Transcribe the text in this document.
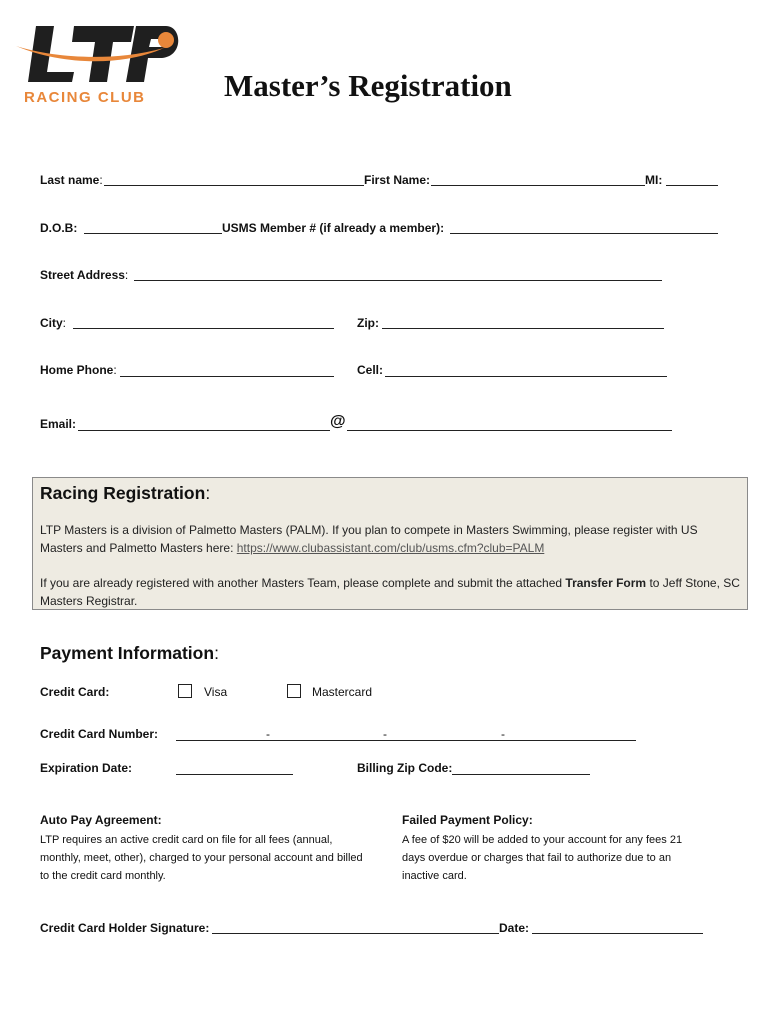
RACING CLUB	Master’s Registration
Last name:	First Name:	MI:
D.O.B:	USMS Member # (if already a member):
Street Address:
City:	Zip:
Home Phone:	Cell:
Email:	@
Racing Registration:
LTP Masters is a division of Palmetto Masters (PALM). If you plan to compete in Masters Swimming, please register with US Masters and Palmetto Masters here: https://www.clubassistant.com/club/usms.cfm?club=PALM
If you are already registered with another Masters Team, please complete and submit the attached Transfer Form to Jeff Stone, SC Masters Registrar.
Payment Information:
Credit Card:	Visa	Mastercard
Credit Card Number:	-	-	-
Expiration Date:	Billing Zip Code:
Auto Pay Agreement:
LTP requires an active credit card on file for all fees (annual, monthly, meet, other), charged to your personal account and billed to the credit card monthly.
Failed Payment Policy:
A fee of $20 will be added to your account for any fees 21 days overdue or charges that fail to authorize due to an inactive card.
Credit Card Holder Signature:	Date:
